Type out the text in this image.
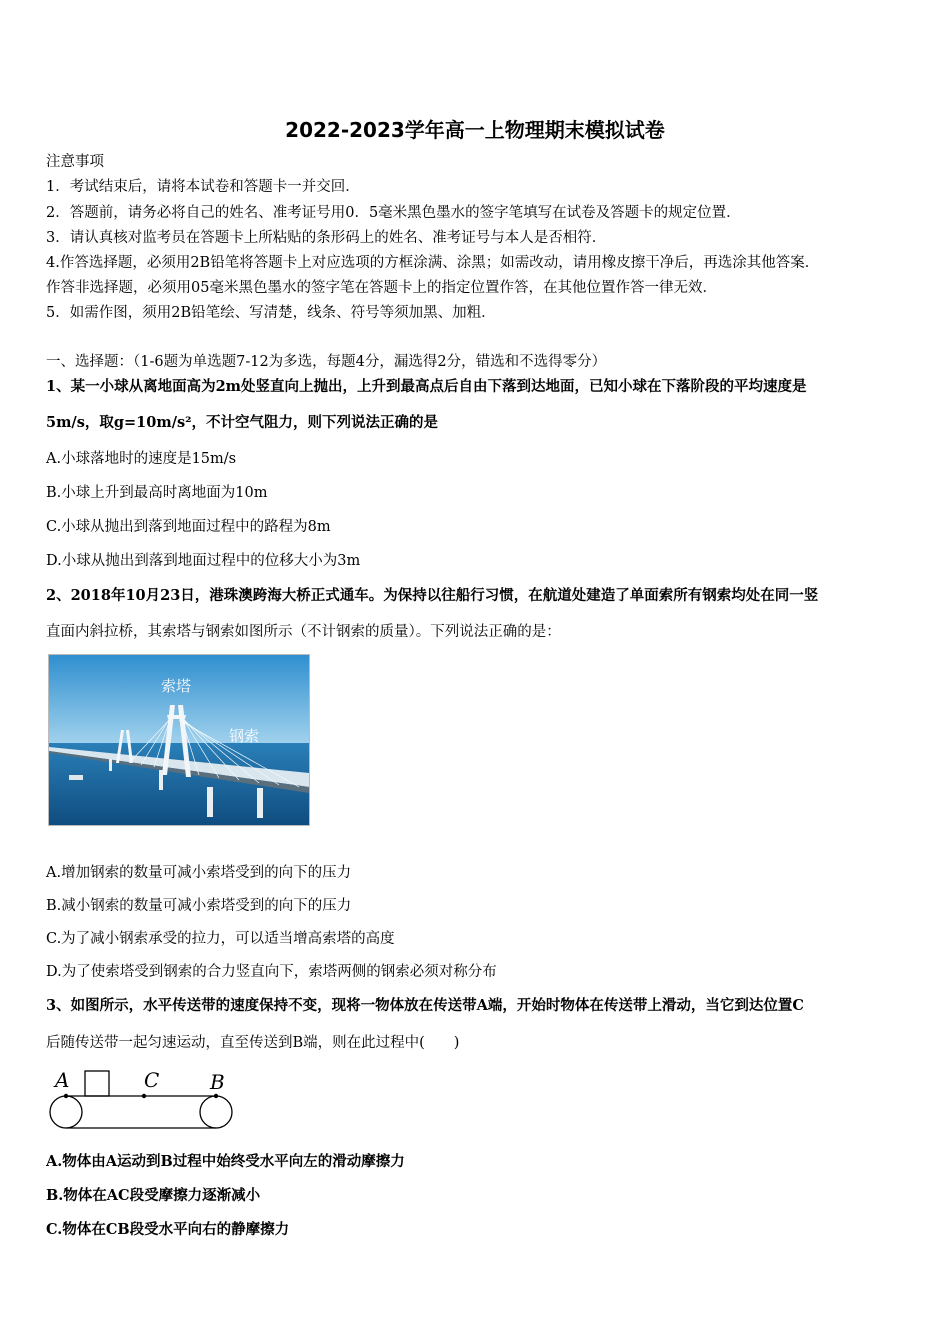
2022-2023学年高一上物理期末模拟试卷
注意事项
1．考试结束后，请将本试卷和答题卡一并交回．
2．答题前，请务必将自己的姓名、准考证号用0．5毫米黑色墨水的签字笔填写在试卷及答题卡的规定位置．
3．请认真核对监考员在答题卡上所粘贴的条形码上的姓名、准考证号与本人是否相符．
4.作答选择题，必须用2B铅笔将答题卡上对应选项的方框涂满、涂黑；如需改动，请用橡皮擦干净后，再选涂其他答案．
作答非选择题，必须用05毫米黑色墨水的签字笔在答题卡上的指定位置作答，在其他位置作答一律无效．
5．如需作图，须用2B铅笔绘、写清楚，线条、符号等须加黑、加粗．
一、选择题：（1-6题为单选题7-12为多选，每题4分，漏选得2分，错选和不选得零分）
1、某一小球从离地面高为2m处竖直向上抛出，上升到最高点后自由下落到达地面，已知小球在下落阶段的平均速度是
5m/s，取g=10m/s²，不计空气阻力，则下列说法正确的是
A.小球落地时的速度是15m/s
B.小球上升到最高时离地面为10m
C.小球从抛出到落到地面过程中的路程为8m
D.小球从抛出到落到地面过程中的位移大小为3m
2、2018年10月23日，港珠澳跨海大桥正式通车。为保持以往船行习惯，在航道处建造了单面索所有钢索均处在同一竖
直面内斜拉桥，其索塔与钢索如图所示（不计钢索的质量）。下列说法正确的是：
索塔
钢索
A.增加钢索的数量可减小索塔受到的向下的压力
B.减小钢索的数量可减小索塔受到的向下的压力
C.为了减小钢索承受的拉力，可以适当增高索塔的高度
D.为了使索塔受到钢索的合力竖直向下，索塔两侧的钢索必须对称分布
3、如图所示，水平传送带的速度保持不变，现将一物体放在传送带A端，开始时物体在传送带上滑动，当它到达位置C
后随传送带一起匀速运动，直至传送到B端，则在此过程中(　　)
A	C	B
A.物体由A运动到B过程中始终受水平向左的滑动摩擦力
B.物体在AC段受摩擦力逐渐减小
C.物体在CB段受水平向右的静摩擦力
